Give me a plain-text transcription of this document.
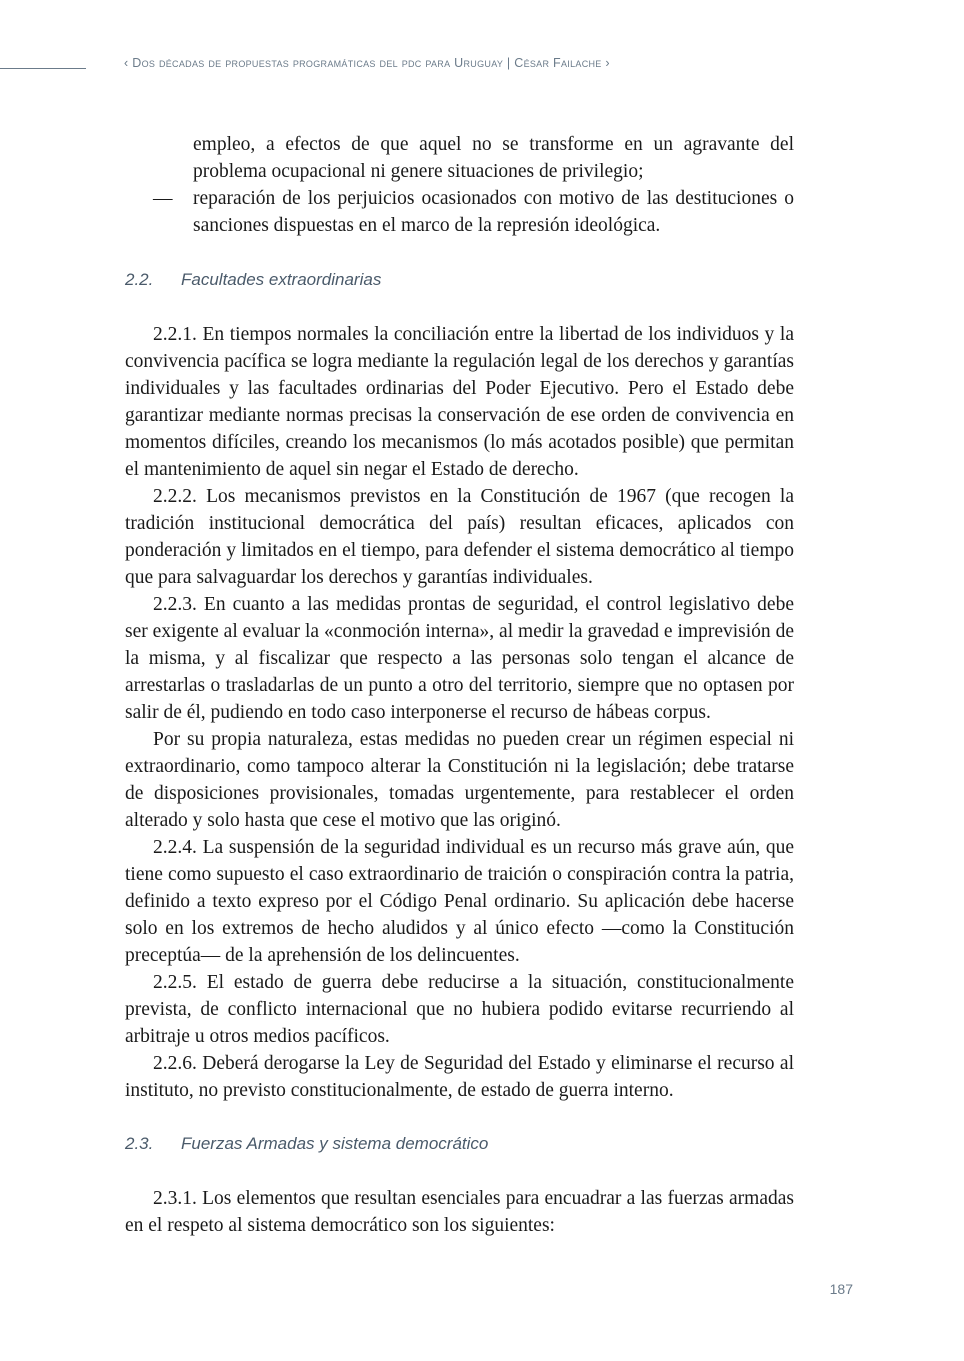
‹ Dos décadas de propuestas programáticas del pdc para Uruguay | César Failache ›

empleo, a efectos de que aquel no se transforme en un agravante del problema ocupacional ni genere situaciones de privilegio;

— reparación de los perjuicios ocasionados con motivo de las destituciones o sanciones dispuestas en el marco de la represión ideológica.

2.2. Facultades extraordinarias

2.2.1. En tiempos normales la conciliación entre la libertad de los individuos y la convivencia pacífica se logra mediante la regulación legal de los derechos y garantías individuales y las facultades ordinarias del Poder Ejecutivo. Pero el Estado debe garantizar mediante normas precisas la conservación de ese orden de convivencia en momentos difíciles, creando los mecanismos (lo más acotados posible) que permitan el mantenimiento de aquel sin negar el Estado de derecho.

2.2.2. Los mecanismos previstos en la Constitución de 1967 (que recogen la tradición institucional democrática del país) resultan eficaces, aplicados con ponderación y limitados en el tiempo, para defender el sistema democrático al tiempo que para salvaguardar los derechos y garantías individuales.

2.2.3. En cuanto a las medidas prontas de seguridad, el control legislativo debe ser exigente al evaluar la «conmoción interna», al medir la gravedad e imprevisión de la misma, y al fiscalizar que respecto a las personas solo tengan el alcance de arrestarlas o trasladarlas de un punto a otro del territorio, siempre que no optasen por salir de él, pudiendo en todo caso interponerse el recurso de hábeas corpus.

Por su propia naturaleza, estas medidas no pueden crear un régimen especial ni extraordinario, como tampoco alterar la Constitución ni la legislación; debe tratarse de disposiciones provisionales, tomadas urgentemente, para restablecer el orden alterado y solo hasta que cese el motivo que las originó.

2.2.4. La suspensión de la seguridad individual es un recurso más grave aún, que tiene como supuesto el caso extraordinario de traición o conspiración contra la patria, definido a texto expreso por el Código Penal ordinario. Su aplicación debe hacerse solo en los extremos de hecho aludidos y al único efecto —como la Constitución preceptúa— de la aprehensión de los delincuentes.

2.2.5. El estado de guerra debe reducirse a la situación, constitucionalmente prevista, de conflicto internacional que no hubiera podido evitarse recurriendo al arbitraje u otros medios pacíficos.

2.2.6. Deberá derogarse la Ley de Seguridad del Estado y eliminarse el recurso al instituto, no previsto constitucionalmente, de estado de guerra interno.

2.3. Fuerzas Armadas y sistema democrático

2.3.1. Los elementos que resultan esenciales para encuadrar a las fuerzas armadas en el respeto al sistema democrático son los siguientes:

187
